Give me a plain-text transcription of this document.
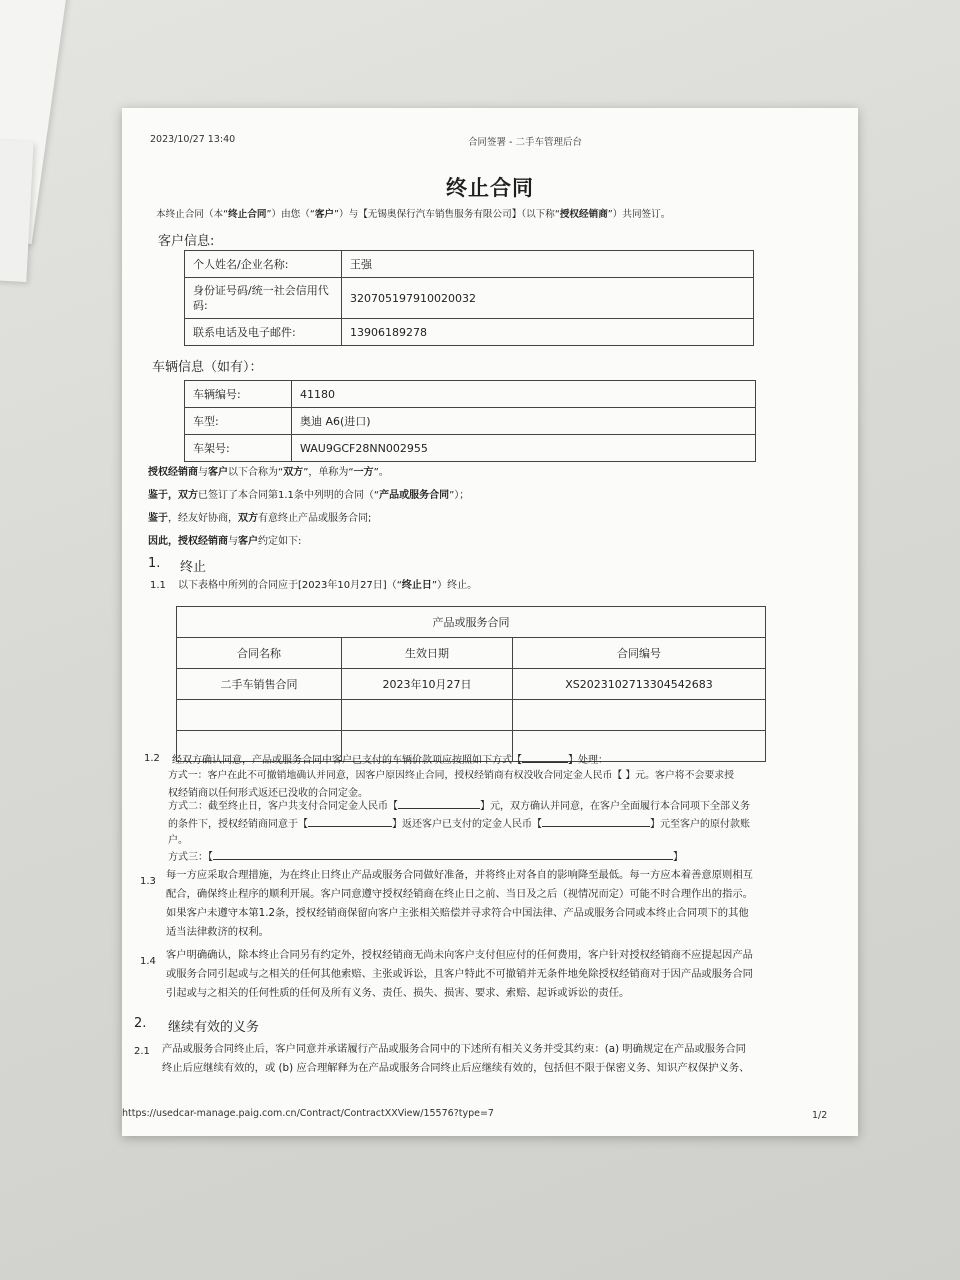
2023/10/27 13:40	合同签署 - 二手车管理后台
终止合同
本终止合同（本“终止合同”）由您（“客户”）与【无锡奥保行汽车销售服务有限公司】（以下称“授权经销商”）共同签订。
客户信息:
个人姓名/企业名称:	王强
身份证号码/统一社会信用代码:	320705197910020032
联系电话及电子邮件:	13906189278
车辆信息（如有）：
车辆编号:	41180
车型:	奥迪 A6(进口)
车架号:	WAU9GCF28NN002955
授权经销商与客户以下合称为“双方”，单称为“一方”。
鉴于，双方已签订了本合同第1.1条中列明的合同（“产品或服务合同”）；
鉴于，经友好协商，双方有意终止产品或服务合同;
因此，授权经销商与客户约定如下:
1. 终止
1.1 以下表格中所列的合同应于[2023年10月27日]（“终止日”）终止。
产品或服务合同		
合同名称	生效日期	合同编号
二手车销售合同	2023年10月27日	XS2023102713304542683

1.2 经双方确认同意，产品或服务合同中客户已支付的车辆价款项应按照如下方式【	】处理：
方式一：客户在此不可撤销地确认并同意，因客户原因终止合同，授权经销商有权没收合同定金人民币【 】元。客户将不会要求授
权经销商以任何形式返还已没收的合同定金。
方式二：截至终止日，客户共支付合同定金人民币【	】元，双方确认并同意，在客户全面履行本合同项下全部义务
的条件下，授权经销商同意于【	】返还客户已支付的定金人民币【	】元至客户的原付款账
户。
方式三：【	】
1.3
每一方应采取合理措施，为在终止日终止产品或服务合同做好准备，并将终止对各自的影响降至最低。每一方应本着善意原则相互
配合，确保终止程序的顺利开展。客户同意遵守授权经销商在终止日之前、当日及之后（视情况而定）可能不时合理作出的指示。
如果客户未遵守本第1.2条，授权经销商保留向客户主张相关赔偿并寻求符合中国法律、产品或服务合同或本终止合同项下的其他
适当法律救济的权利。
1.4
客户明确确认，除本终止合同另有约定外，授权经销商无尚未向客户支付但应付的任何费用，客户针对授权经销商不应提起因产品
或服务合同引起或与之相关的任何其他索赔、主张或诉讼，且客户特此不可撤销并无条件地免除授权经销商对于因产品或服务合同
引起或与之相关的任何性质的任何及所有义务、责任、损失、损害、要求、索赔、起诉或诉讼的责任。
2. 继续有效的义务
2.1 产品或服务合同终止后，客户同意并承诺履行产品或服务合同中的下述所有相关义务并受其约束：(a) 明确规定在产品或服务合同
终止后应继续有效的，或 (b) 应合理解释为在产品或服务合同终止后应继续有效的，包括但不限于保密义务、知识产权保护义务、
https://usedcar-manage.paig.com.cn/Contract/ContractXXView/15576?type=7	1/2
